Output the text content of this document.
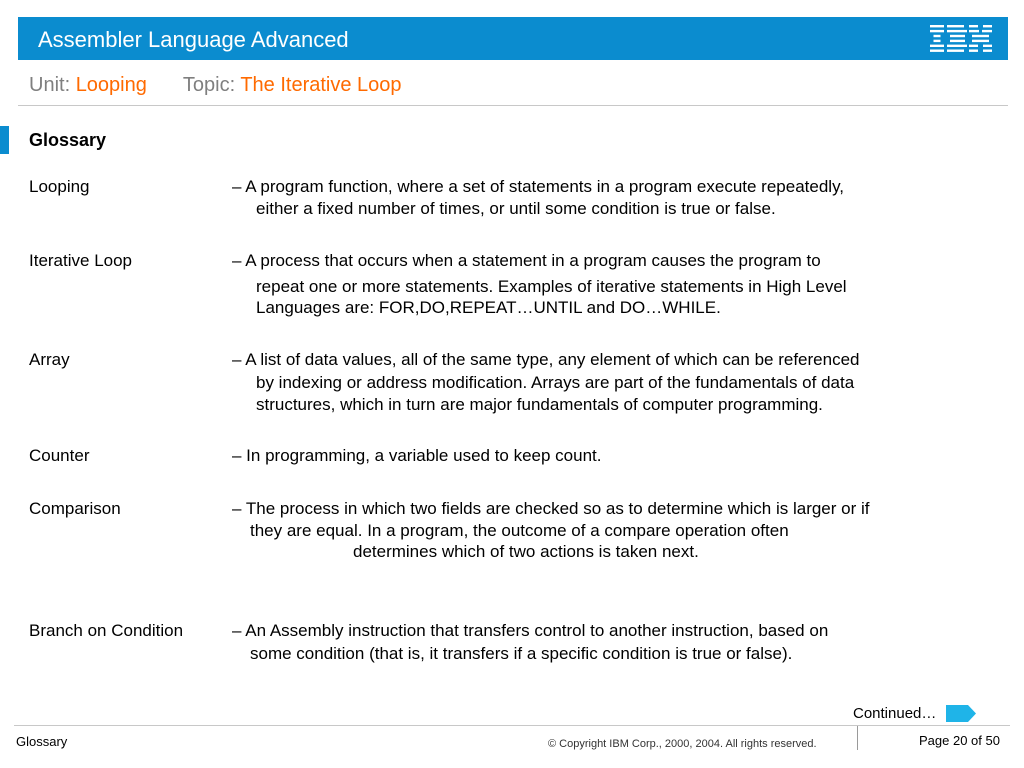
Assembler Language Advanced
Unit: Looping Topic: The Iterative Loop
Glossary
Looping	– A program function, where a set of statements in a program execute repeatedly,
either a fixed number of times, or until some condition is true or false.
Iterative Loop	– A process that occurs when a statement in a program causes the program to
repeat one or more statements. Examples of iterative statements in High Level
Languages are: FOR,DO,REPEAT…UNTIL and DO…WHILE.
Array	– A list of data values, all of the same type, any element of which can be referenced
by indexing or address modification. Arrays are part of the fundamentals of data
structures, which in turn are major fundamentals of computer programming.
Counter	– In programming, a variable used to keep count.
Comparison	– The process in which two fields are checked so as to determine which is larger or if
they are equal. In a program, the outcome of a compare operation often
determines which of two actions is taken next.
Branch on Condition	– An Assembly instruction that transfers control to another instruction, based on
some condition (that is, it transfers if a specific condition is true or false).
Continued…
Glossary	© Copyright IBM Corp., 2000, 2004. All rights reserved.	Page 20 of 50
